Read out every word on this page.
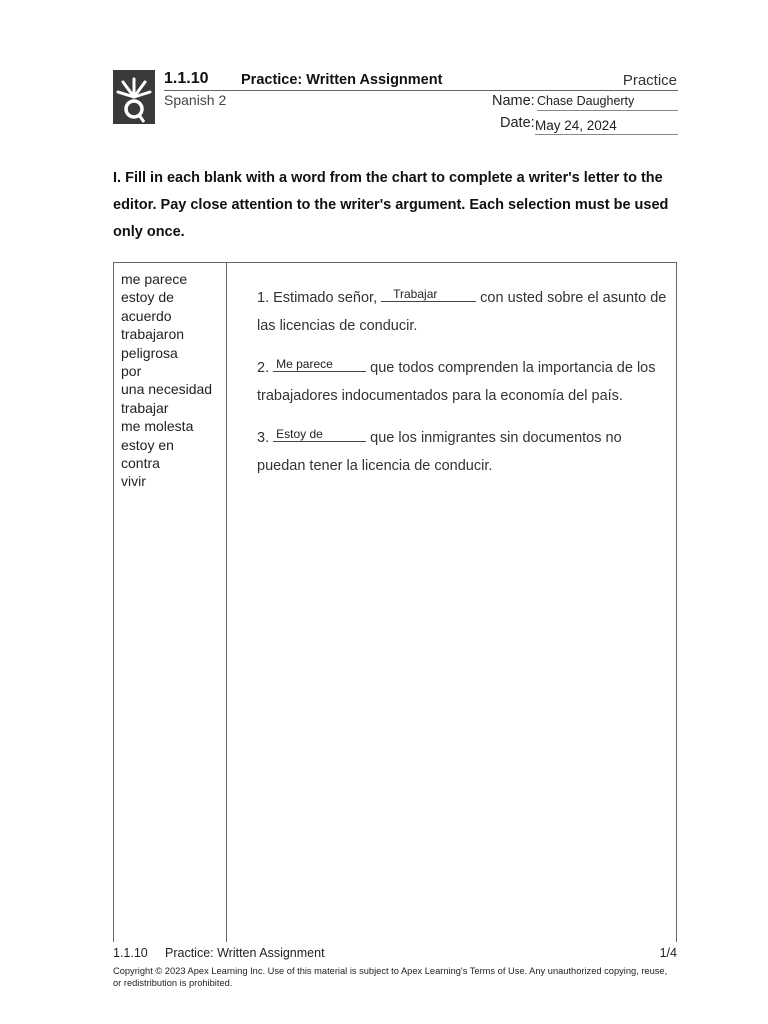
1.1.10 Practice: Written Assignment	Practice
Spanish 2	Name: Chase Daugherty
Date: May 24, 2024
I. Fill in each blank with a word from the chart to complete a writer's letter to the editor. Pay close attention to the writer's argument. Each selection must be used only once.
me parece
estoy de
acuerdo
trabajaron
peligrosa
por
una necesidad
trabajar
me molesta
estoy en
contra
vivir
1. Estimado señor, Trabajar	con usted sobre el asunto de las licencias de conducir.
2. Me parece	que todos comprenden la importancia de los trabajadores indocumentados para la economía del país.
3. Estoy de	que los inmigrantes sin documentos no puedan tener la licencia de conducir.
1.1.10 Practice: Written Assignment	1/4
Copyright © 2023 Apex Learning Inc. Use of this material is subject to Apex Learning's Terms of Use. Any unauthorized copying, reuse, or redistribution is prohibited.
